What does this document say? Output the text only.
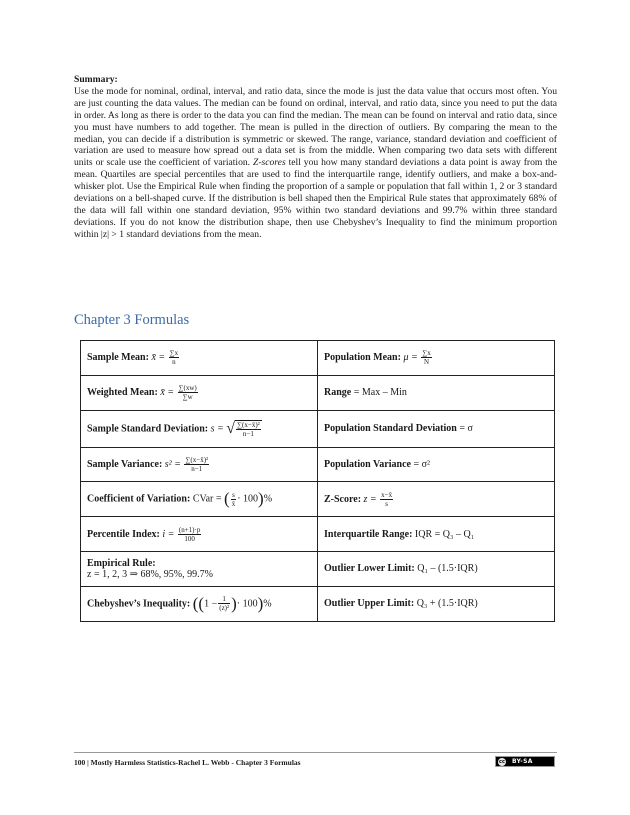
Summary:
Use the mode for nominal, ordinal, interval, and ratio data, since the mode is just the data value that occurs most often. You are just counting the data values. The median can be found on ordinal, interval, and ratio data, since you need to put the data in order. As long as there is order to the data you can find the median. The mean can be found on interval and ratio data, since you must have numbers to add together. The mean is pulled in the direction of outliers. By comparing the mean to the median, you can decide if a distribution is symmetric or skewed. The range, variance, standard deviation and coefficient of variation are used to measure how spread out a data set is from the middle. When comparing two data sets with different units or scale use the coefficient of variation. Z-scores tell you how many standard deviations a data point is away from the mean. Quartiles are special percentiles that are used to find the interquartile range, identify outliers, and make a box-and-whisker plot. Use the Empirical Rule when finding the proportion of a sample or population that fall within 1, 2 or 3 standard deviations on a bell-shaped curve. If the distribution is bell shaped then the Empirical Rule states that approximately 68% of the data will fall within one standard deviation, 95% within two standard deviations and 99.7% within three standard deviations. If you do not know the distribution shape, then use Chebyshev’s Inequality to find the minimum proportion within |z| > 1 standard deviations from the mean.
Chapter 3 Formulas
Sample Mean: x̄ = $\frac{\sum x}{n}$	Population Mean: $\mu = \frac{\sum x}{N}$

Weighted Mean: x̄ = $\frac{\sum(xw)}{\sum w}$	Range = Max – Min
Sample Standard Deviation: s = √ $\frac{\text{∑(x−x̄)²}}{n-1}$	Population Standard Deviation = σ
Sample Variance: $s^2 = \frac{\text{∑(x−x̄)²}}{n-1}$	Population Variance = σ²
Coefficient of Variation: CVar = ( $\frac{s}{x̄} \cdot 100)\%$	Z-Score: $z = \frac{x-x̄}{s}$

Percentile Index: $i = \frac{(n+1)\cdot p}{100}$	Interquartile Range: IQR = Q₃ – Q₁
Empirical Rule:
z = 1, 2, 3 ⇒ 68%, 95%, 99.7%	Outlier Lower Limit: Q₁ – (1.5·IQR)
Chebyshev’s Inequality: (($1 - \frac{1}{\text{(z)²}}$ )· 100)%	Outlier Upper Limit: Q₃ + (1.5·IQR)
100 | Mostly Harmless Statistics-Rachel L. Webb - Chapter 3 Formulas	cc BY-SA
